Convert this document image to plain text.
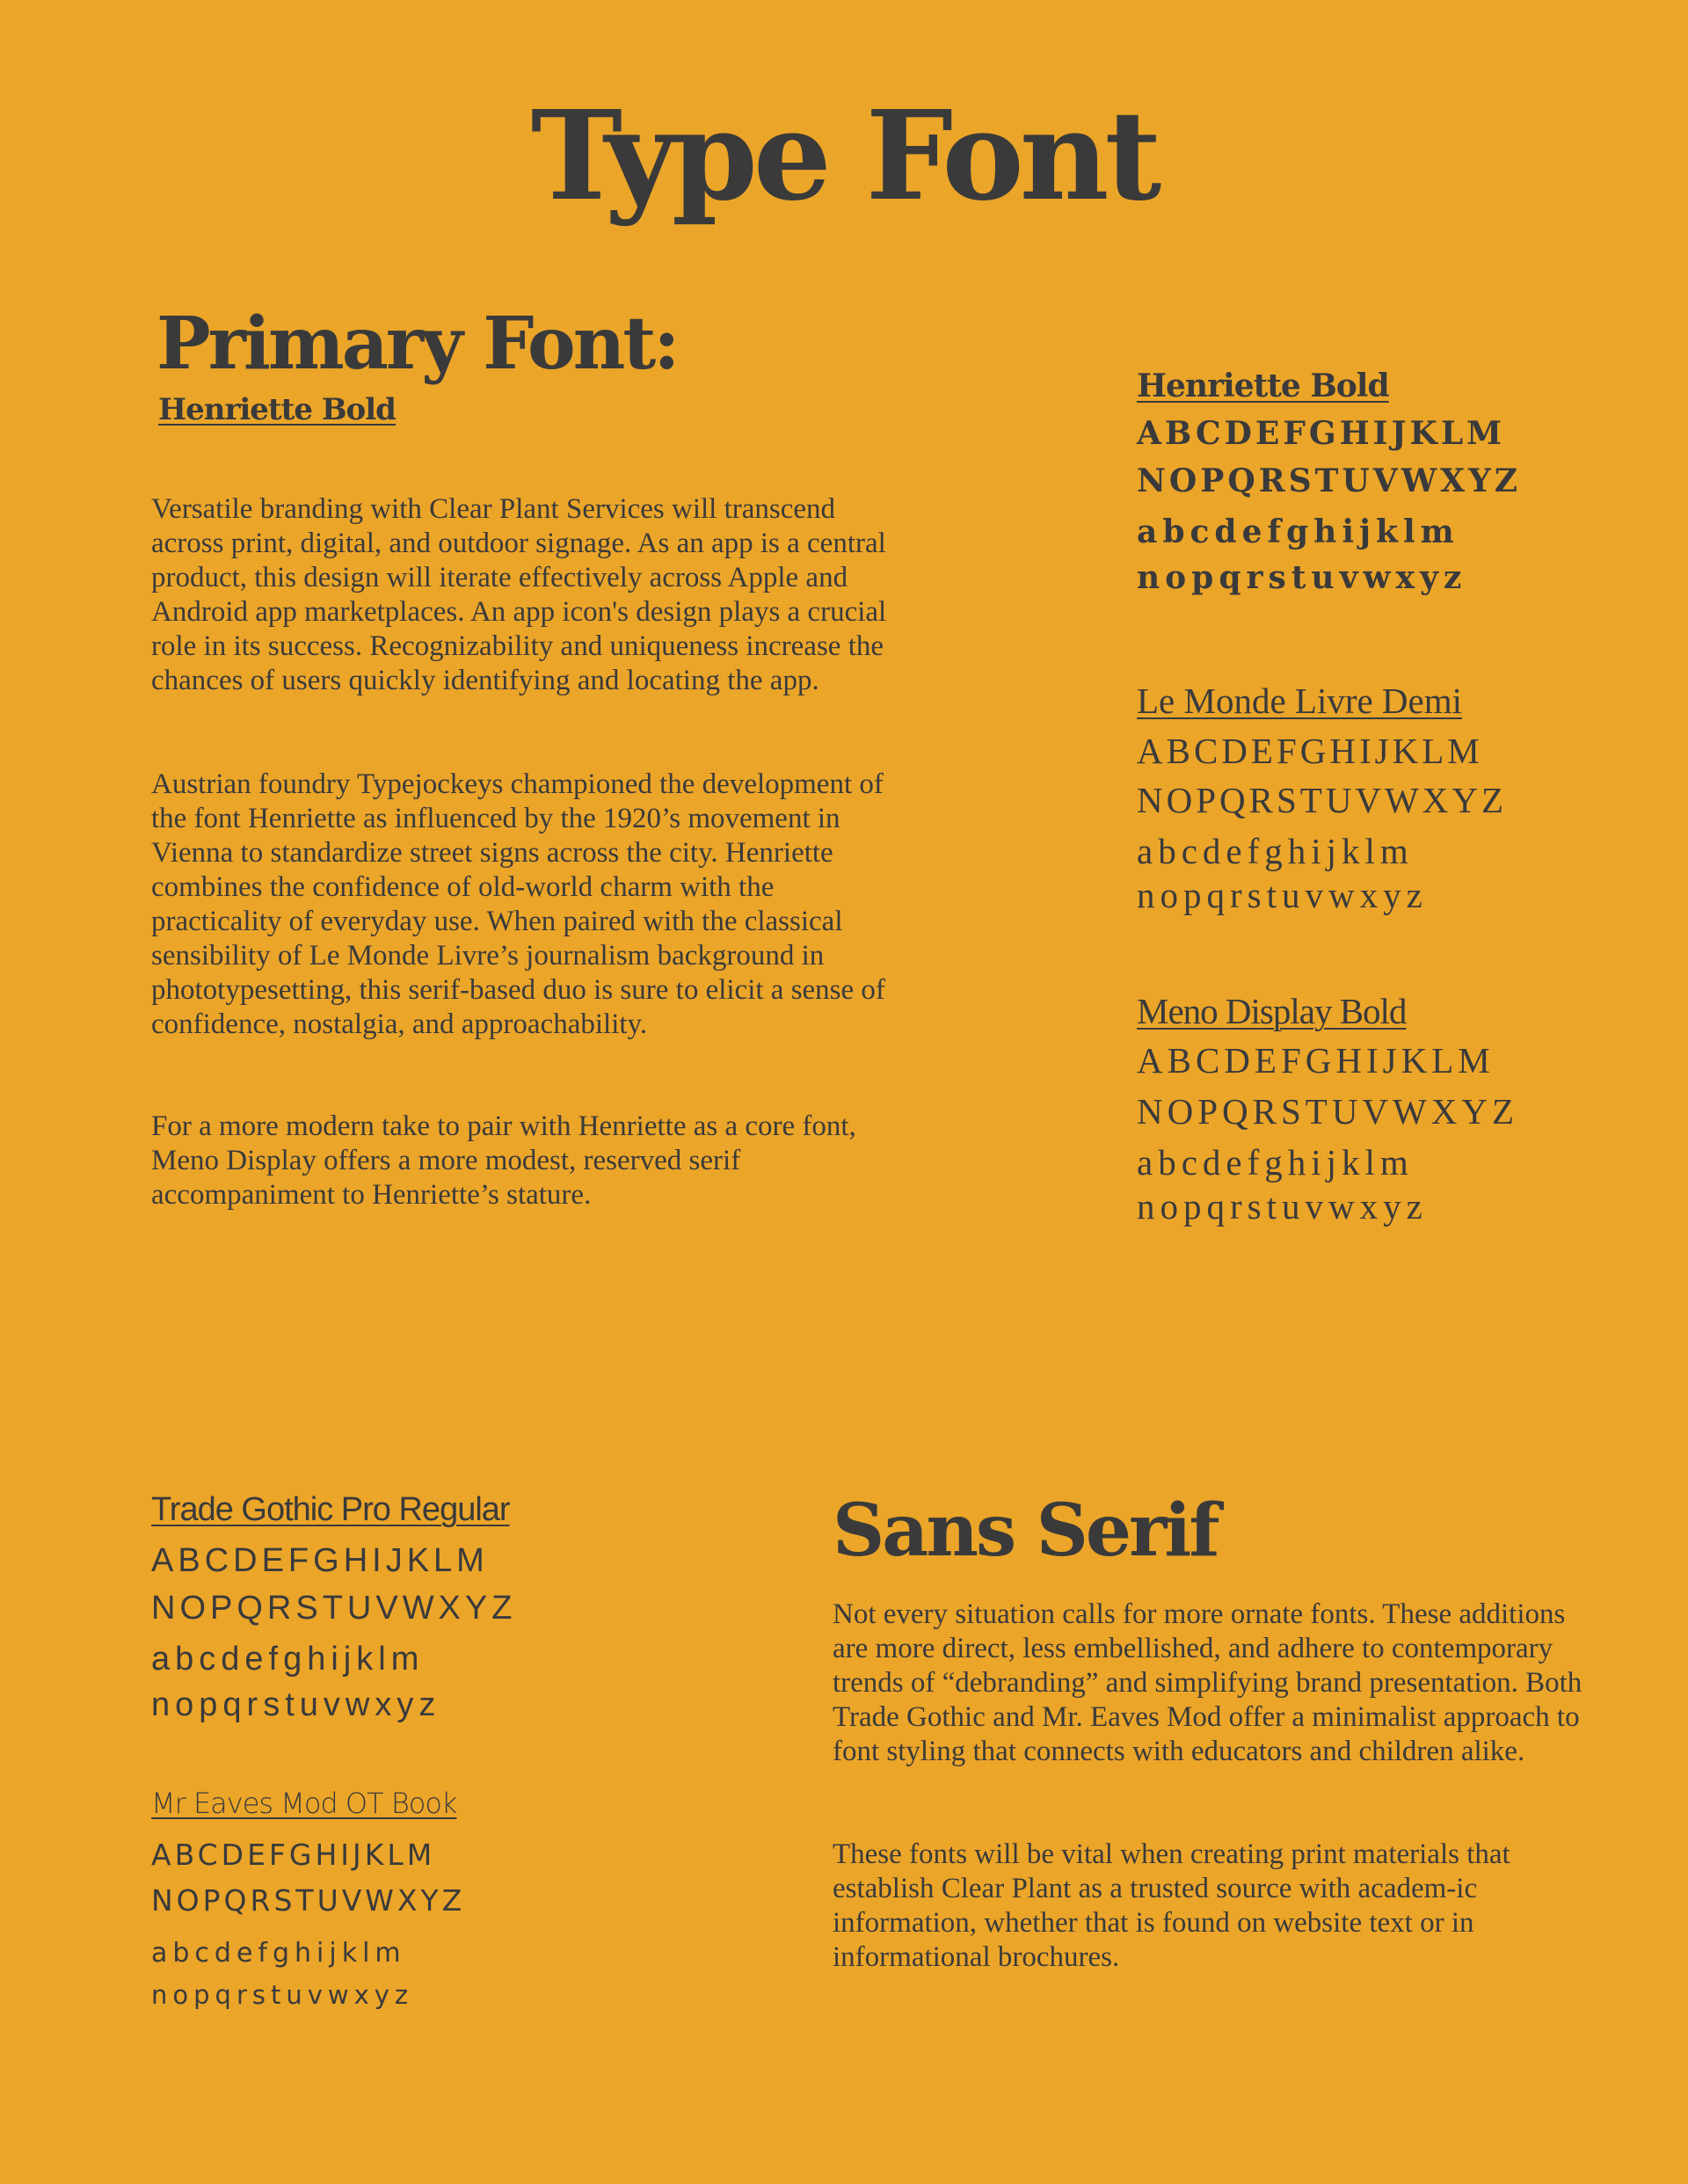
Type Font
Primary Font:
Henriette Bold

Versatile branding with Clear Plant Services will transcend across print, digital, and outdoor signage. As an app is a central product, this design will iterate effectively across Apple and Android app marketplaces. An app icon's design plays a crucial role in its success. Recognizability and uniqueness increase the chances of users quickly identifying and locating the app.

Austrian foundry Typejockeys championed the development of the font Henriette as influenced by the 1920’s movement in Vienna to standardize street signs across the city. Henriette combines the confidence of old-world charm with the practicality of everyday use. When paired with the classical sensibility of Le Monde Livre’s journalism background in phototypesetting, this serif-based duo is sure to elicit a sense of confidence, nostalgia, and approachability.

For a more modern take to pair with Henriette as a core font, Meno Display offers a more modest, reserved serif accompaniment to Henriette’s stature.

Henriette Bold
ABCDEFGHIJKLM
NOPQRSTUVWXYZ
abcdefghijklm
nopqrstuvwxyz
Le Monde Livre Demi
ABCDEFGHIJKLM
NOPQRSTUVWXYZ
abcdefghijklm
nopqrstuvwxyz
Meno Display Bold
ABCDEFGHIJKLM
NOPQRSTUVWXYZ
abcdefghijklm
nopqrstuvwxyz
Trade Gothic Pro Regular
ABCDEFGHIJKLM
NOPQRSTUVWXYZ
abcdefghijklm
nopqrstuvwxyz
Mr Eaves Mod OT Book
ABCDEFGHIJKLM
NOPQRSTUVWXYZ
abcdefghijklm
nopqrstuvwxyz
Sans Serif

Not every situation calls for more ornate fonts. These additions are more direct, less embellished, and adhere to contemporary trends of “debranding” and simplifying brand presentation. Both Trade Gothic and Mr. Eaves Mod offer a minimalist approach to font styling that connects with educators and children alike.

These fonts will be vital when creating print materials that establish Clear Plant as a trusted source with academ-ic information, whether that is found on website text or in informational brochures.
